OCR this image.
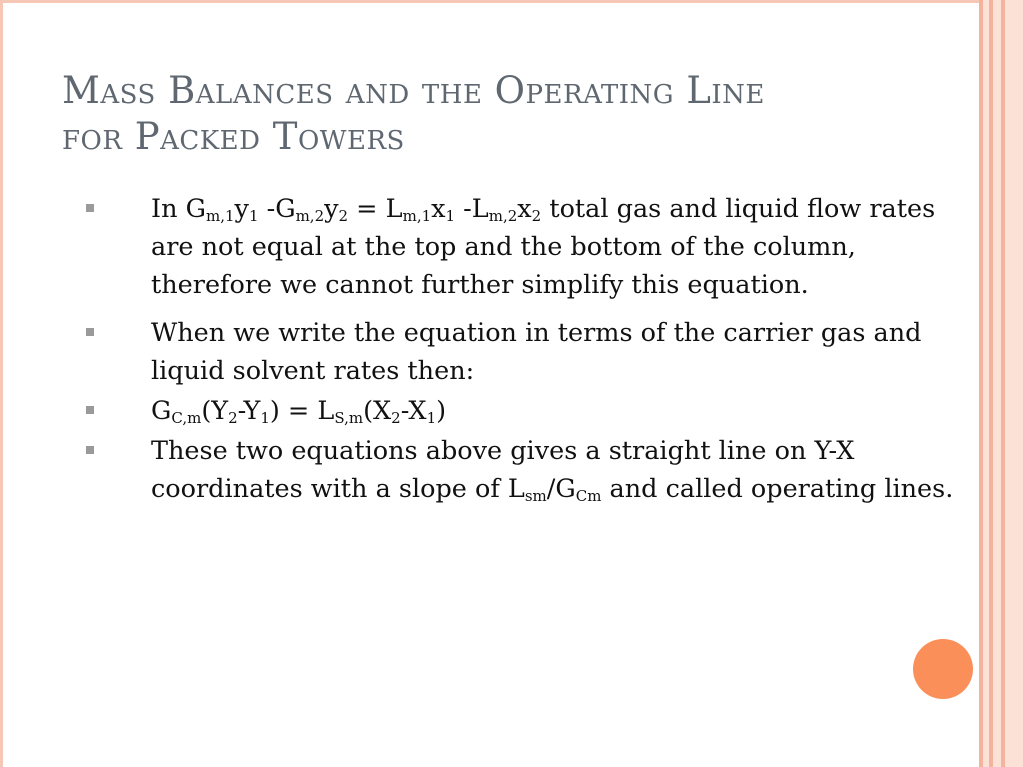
Mass Balances and the Operating Line
for Packed Towers
In $G_{m,1}y_1$ $-G_{m,2}y_2 = L_{m,1}x_1$ $-L_{m,2}x_2$ total gas and liquid flow rates are not equal at the top and the bottom of the column, therefore we cannot further simplify this equation.
When we write the equation in terms of the carrier gas and liquid solvent rates then:
$G_{C,m}(Y_2-Y_1) = L_{S,m}(X_2-X_1)$
These two equations above gives a straight line on Y-X coordinates with a slope of $L_{sm}/G_{Cm}$ and called operating lines.
